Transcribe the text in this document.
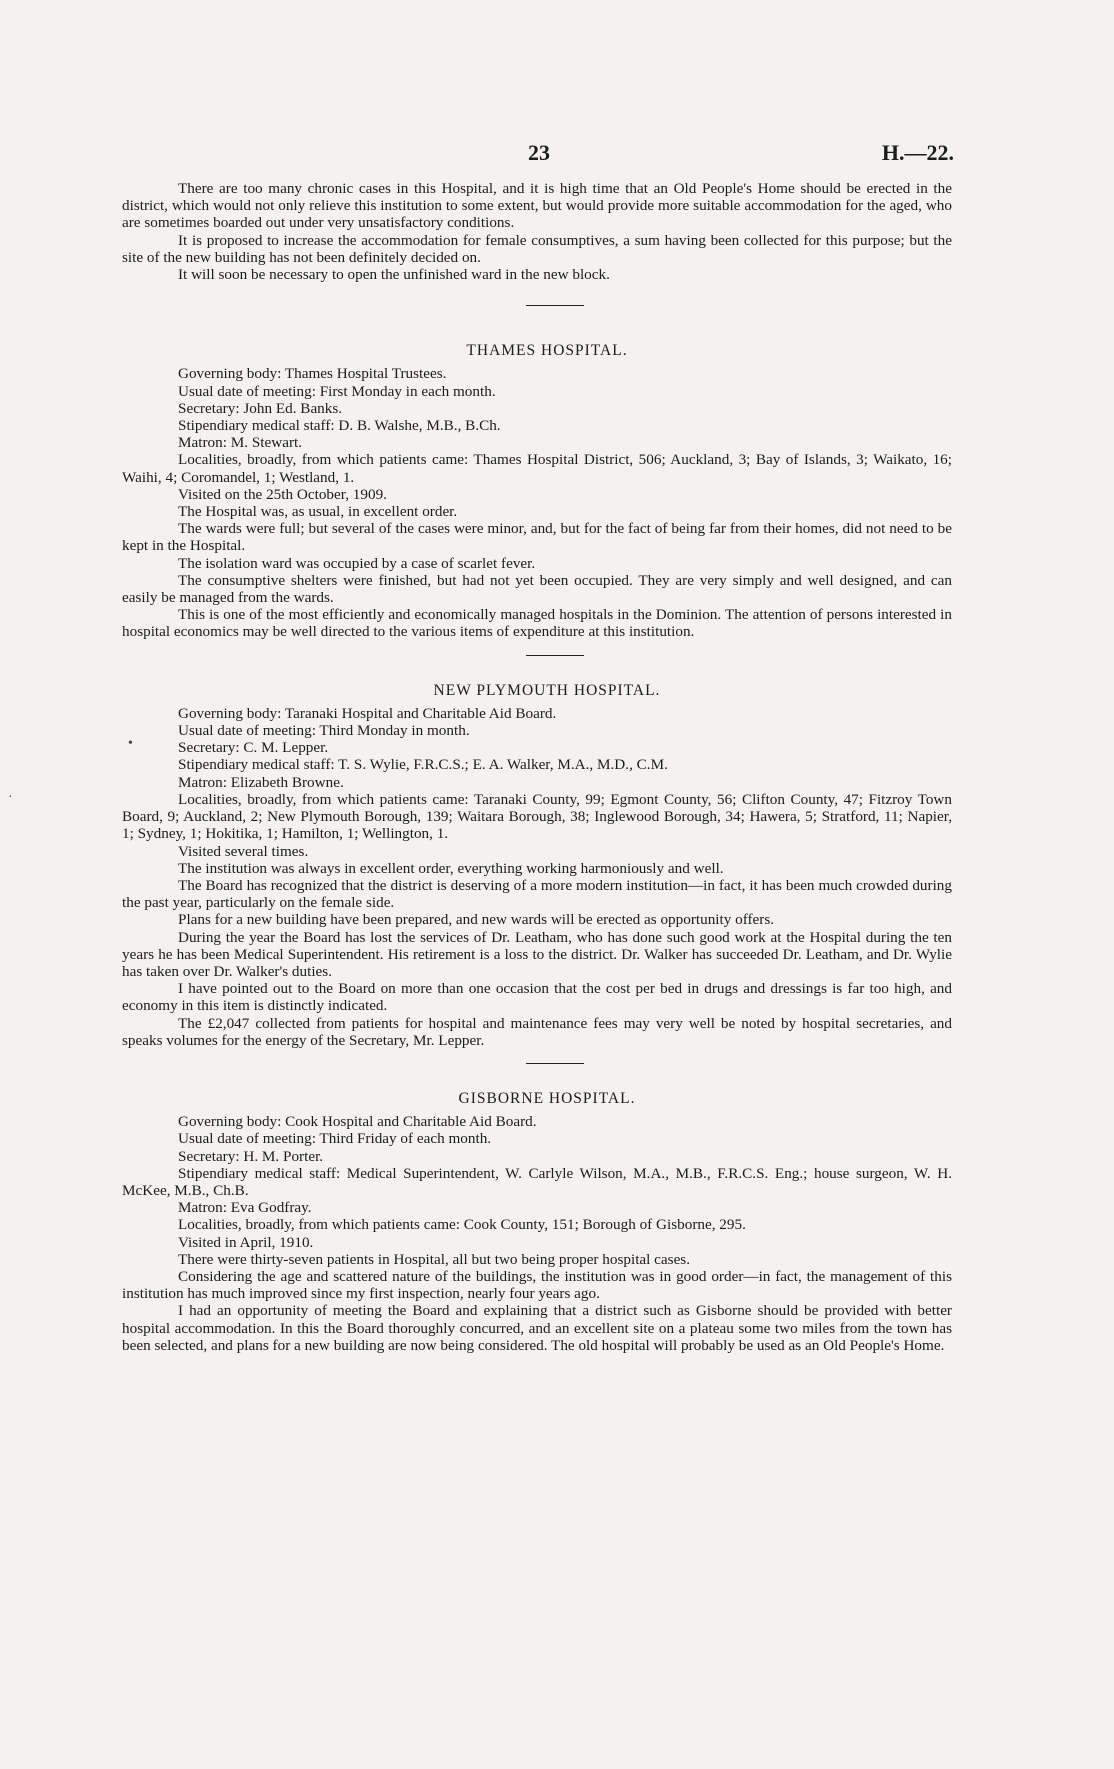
23	H.—22.
•
·

There are too many chronic cases in this Hospital, and it is high time that an Old People's Home should be erected in the district, which would not only relieve this institution to some extent, but would provide more suitable accommodation for the aged, who are sometimes boarded out under very unsatisfactory conditions.

It is proposed to increase the accommodation for female consumptives, a sum having been collected for this purpose; but the site of the new building has not been definitely decided on.

It will soon be necessary to open the unfinished ward in the new block.

THAMES HOSPITAL.

Governing body: Thames Hospital Trustees.

Usual date of meeting: First Monday in each month.

Secretary: John Ed. Banks.

Stipendiary medical staff: D. B. Walshe, M.B., B.Ch.

Matron: M. Stewart.

Localities, broadly, from which patients came: Thames Hospital District, 506; Auckland, 3; Bay of Islands, 3; Waikato, 16; Waihi, 4; Coromandel, 1; Westland, 1.

Visited on the 25th October, 1909.

The Hospital was, as usual, in excellent order.

The wards were full; but several of the cases were minor, and, but for the fact of being far from their homes, did not need to be kept in the Hospital.

The isolation ward was occupied by a case of scarlet fever.

The consumptive shelters were finished, but had not yet been occupied. They are very simply and well designed, and can easily be managed from the wards.

This is one of the most efficiently and economically managed hospitals in the Dominion. The attention of persons interested in hospital economics may be well directed to the various items of expenditure at this institution.

NEW PLYMOUTH HOSPITAL.

Governing body: Taranaki Hospital and Charitable Aid Board.

Usual date of meeting: Third Monday in month.

Secretary: C. M. Lepper.

Stipendiary medical staff: T. S. Wylie, F.R.C.S.; E. A. Walker, M.A., M.D., C.M.

Matron: Elizabeth Browne.

Localities, broadly, from which patients came: Taranaki County, 99; Egmont County, 56; Clifton County, 47; Fitzroy Town Board, 9; Auckland, 2; New Plymouth Borough, 139; Waitara Borough, 38; Inglewood Borough, 34; Hawera, 5; Stratford, 11; Napier, 1; Sydney, 1; Hokitika, 1; Hamilton, 1; Wellington, 1.

Visited several times.

The institution was always in excellent order, everything working harmoniously and well.

The Board has recognized that the district is deserving of a more modern institution—in fact, it has been much crowded during the past year, particularly on the female side.

Plans for a new building have been prepared, and new wards will be erected as opportunity offers.

During the year the Board has lost the services of Dr. Leatham, who has done such good work at the Hospital during the ten years he has been Medical Superintendent. His retirement is a loss to the district. Dr. Walker has succeeded Dr. Leatham, and Dr. Wylie has taken over Dr. Walker's duties.

I have pointed out to the Board on more than one occasion that the cost per bed in drugs and dressings is far too high, and economy in this item is distinctly indicated.

The £2,047 collected from patients for hospital and maintenance fees may very well be noted by hospital secretaries, and speaks volumes for the energy of the Secretary, Mr. Lepper.

GISBORNE HOSPITAL.

Governing body: Cook Hospital and Charitable Aid Board.

Usual date of meeting: Third Friday of each month.

Secretary: H. M. Porter.

Stipendiary medical staff: Medical Superintendent, W. Carlyle Wilson, M.A., M.B., F.R.C.S. Eng.; house surgeon, W. H. McKee, M.B., Ch.B.

Matron: Eva Godfray.

Localities, broadly, from which patients came: Cook County, 151; Borough of Gisborne, 295.

Visited in April, 1910.

There were thirty-seven patients in Hospital, all but two being proper hospital cases.

Considering the age and scattered nature of the buildings, the institution was in good order—in fact, the management of this institution has much improved since my first inspection, nearly four years ago.

I had an opportunity of meeting the Board and explaining that a district such as Gisborne should be provided with better hospital accommodation. In this the Board thoroughly concurred, and an excellent site on a plateau some two miles from the town has been selected, and plans for a new building are now being considered. The old hospital will probably be used as an Old People's Home.
